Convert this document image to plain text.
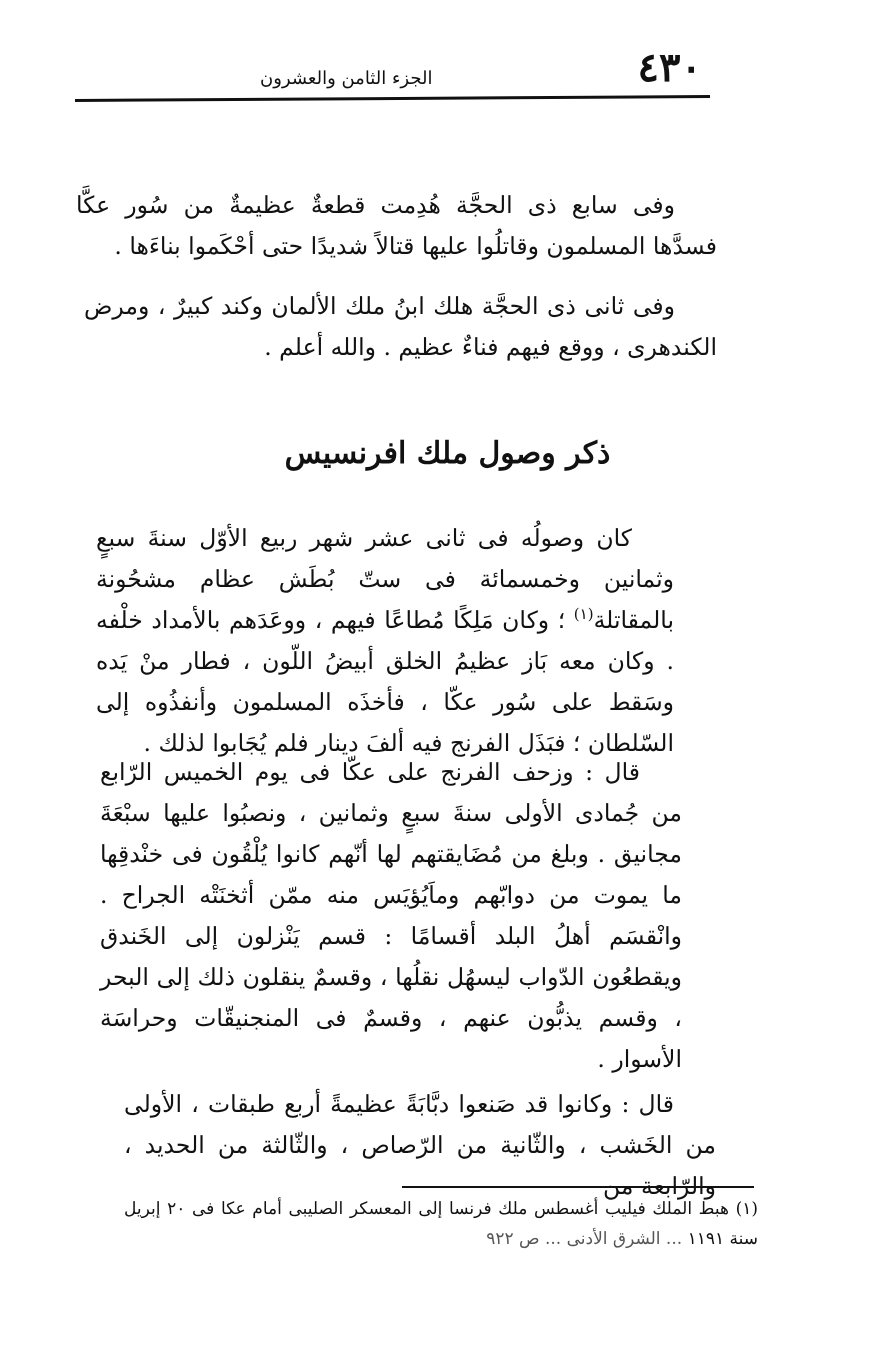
٤٣٠
الجزء الثامن والعشرون

وفى سابع ذى الحجَّة هُدِمت قطعةٌ عظيمةٌ من سُور عكَّا فسدَّها المسلمون وقاتلُوا عليها قتالاً شديدًا حتى أحْكَموا بناءَها .

وفى ثانى ذى الحجَّة هلك ابنُ ملك الألمان وكند كبيرٌ ، ومرض الكندهرى ، ووقع فيهم فناءٌ عظيم . والله أعلم .

ذكر وصول ملك افرنسيس

كان وصولُه فى ثانى عشر شهر ربيع الأوّل سنةَ سبعٍ وثمانين وخمسمائة فى ستّ بُطَش عظام مشحُونة بالمقاتلة$^{(١)}$ ؛ وكان مَلِكًا مُطاعًا فيهم ، ووعَدَهم بالأمداد خلْفه . وكان معه بَاز عظيمُ الخلق أبيضُ اللّون ، فطار منْ يَده وسَقط على سُور عكّا ، فأخذَه المسلمون وأنفذُوه إلى السّلطان ؛ فبَذَل الفرنج فيه ألفَ دينار فلم يُجَابوا لذلك .

قال : وزحف الفرنج على عكّا فى يوم الخميس الرّابع من جُمادى الأولى سنةَ سبعٍ وثمانين ، ونصبُوا عليها سبْعَةَ مجانيق . وبلغ من مُضَايقتهم لها أنّهم كانوا يُلْقُون فى خنْدقِها ما يموت من دوابّهم وماَيُؤيَس منه ممّن أثخنَتْه الجراح . وانْقسَم أهلُ البلد أقسامًا : قسم يَنْزلون إلى الخَندق ويقطعُون الدّواب ليسهُل نقلُها ، وقسمٌ ينقلون ذلك إلى البحر ، وقسم يذبُّون عنهم ، وقسمٌ فى المنجنيقّات وحراسَة الأسوار .

قال : وكانوا قد صَنعوا دبَّابَةً عظيمةً أربع طبقات ، الأولى من الخَشب ، والثّانية من الرّصاص ، والثّالثة من الحديد ، والرّابعة من

(١) هبط الملك فيليب أغسطس ملك فرنسا إلى المعسكر الصليبى أمام عكا فى ٢٠ إبريل سنة ١١٩١ ... الشرق الأدنى ... ص ٩٢٢
